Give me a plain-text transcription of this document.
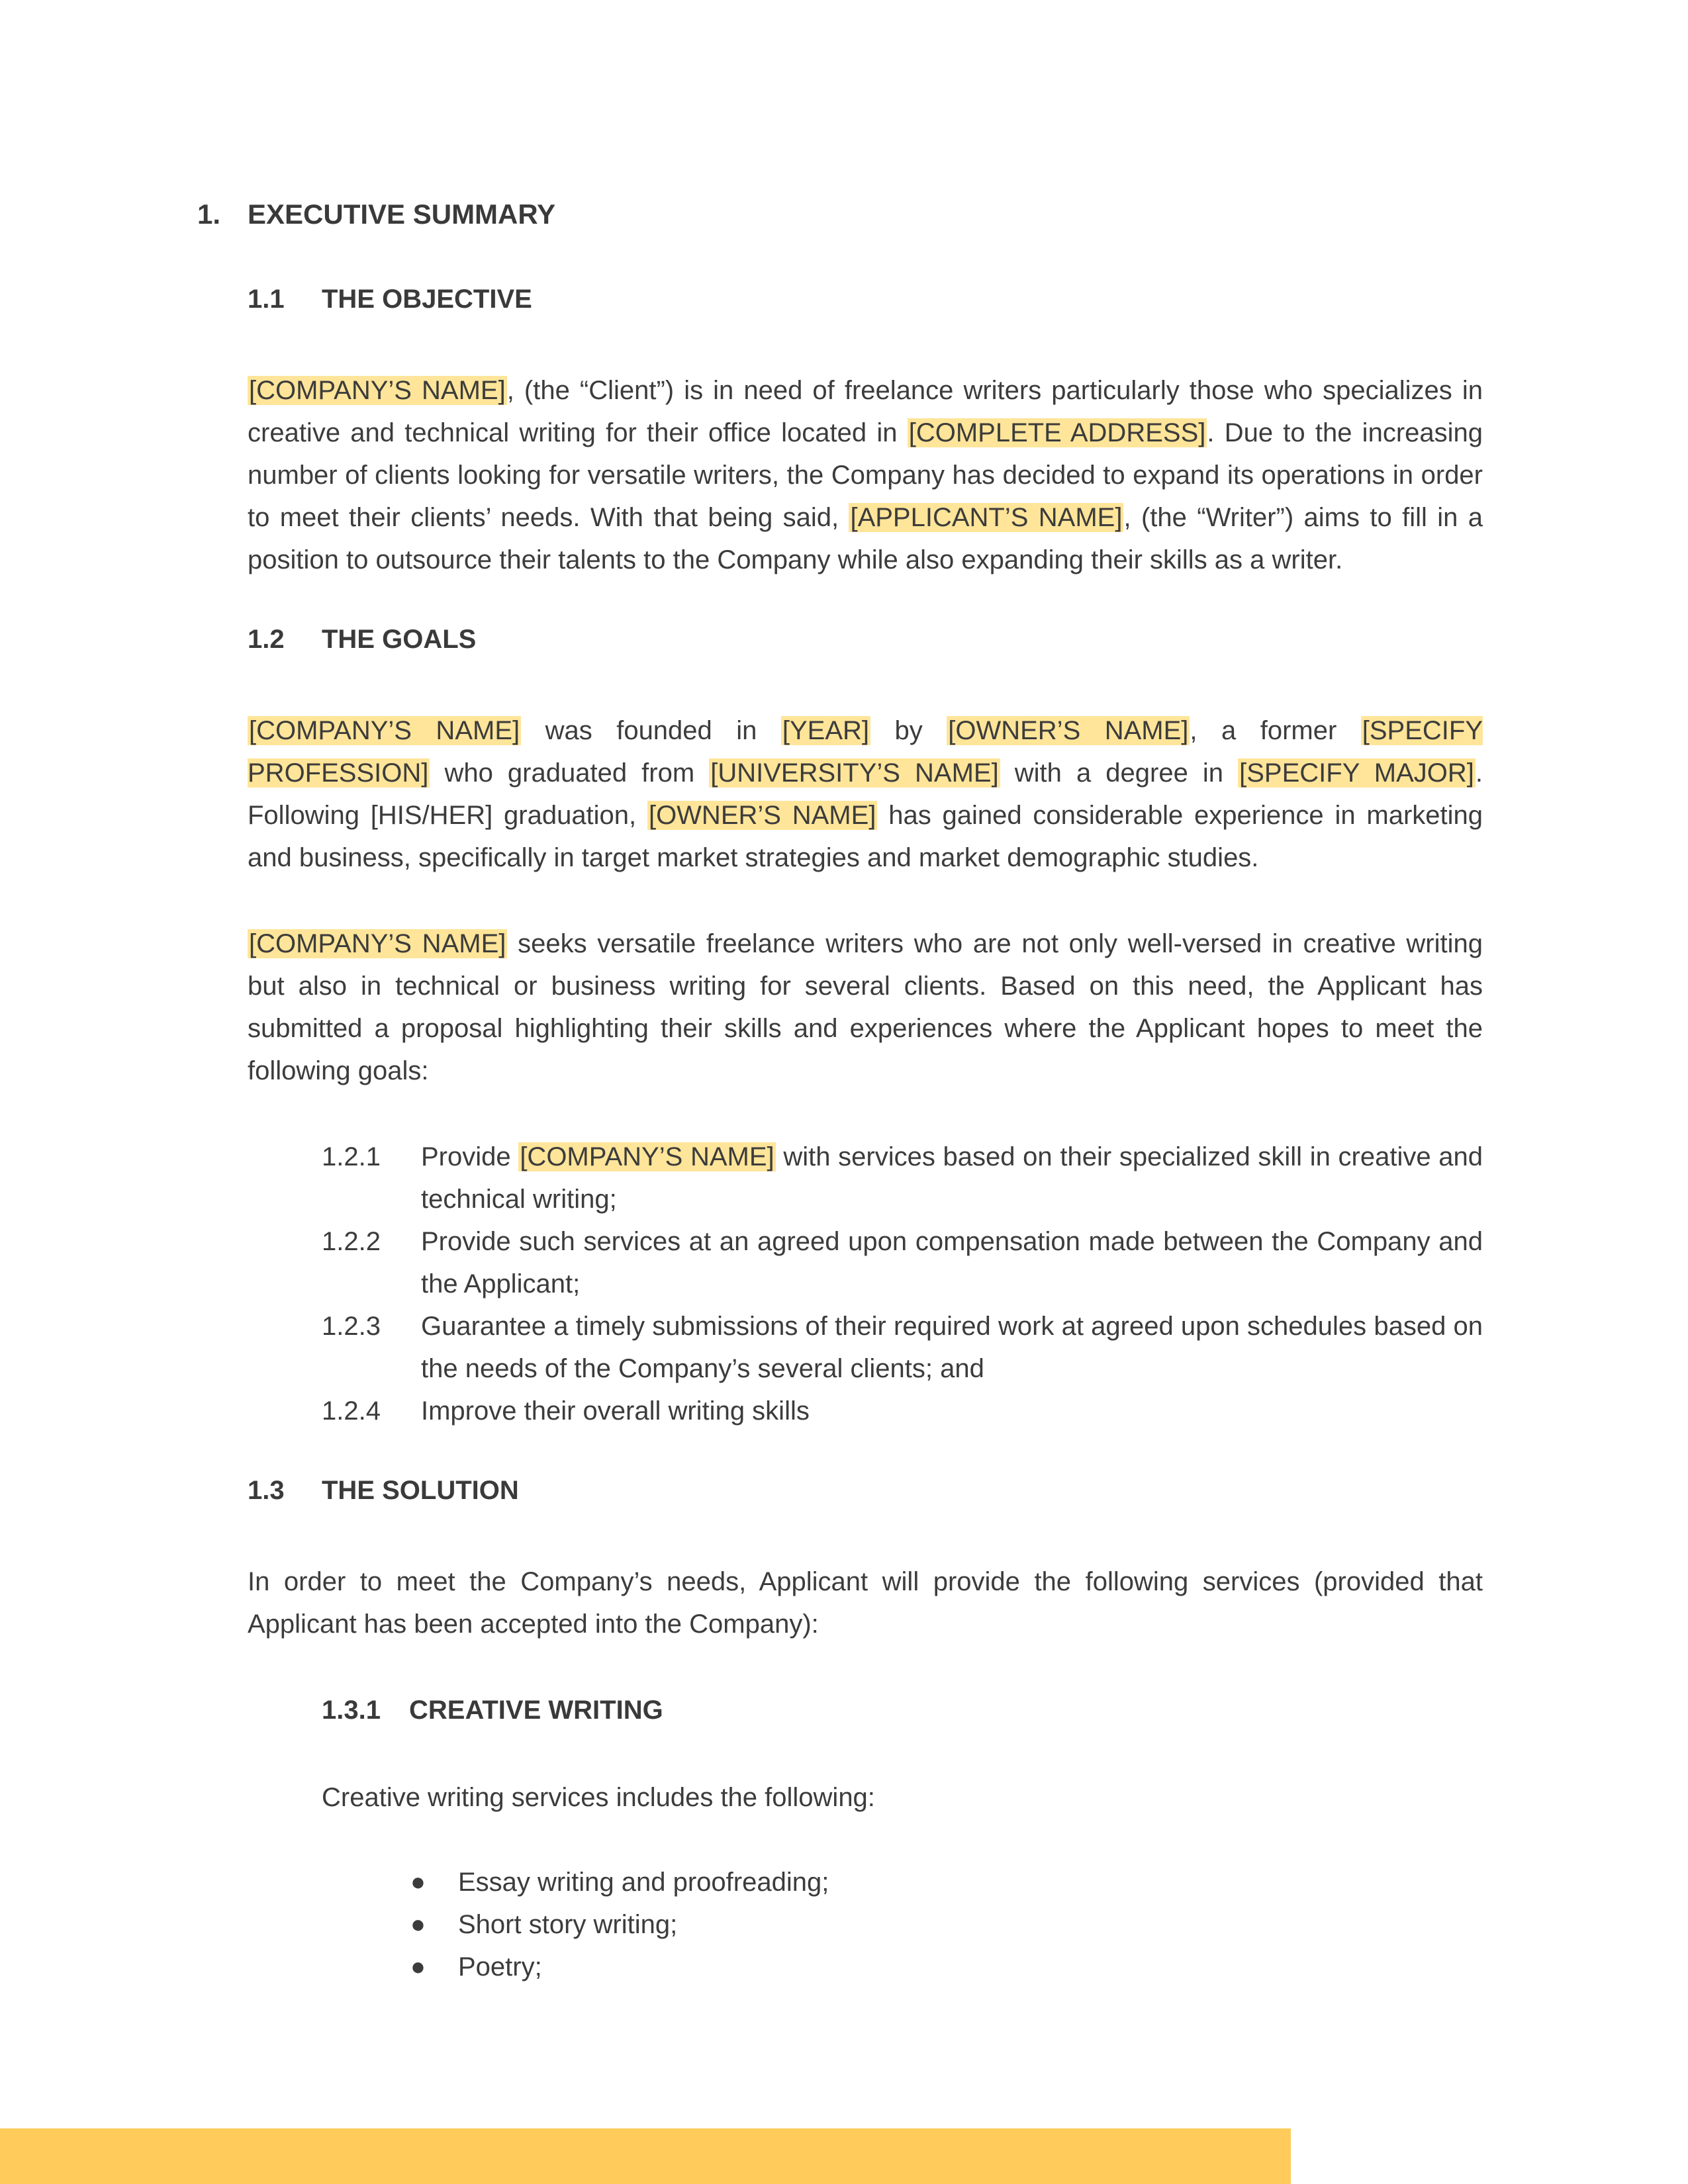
1. EXECUTIVE SUMMARY
1.1 THE OBJECTIVE

[COMPANY’S NAME], (the “Client”) is in need of freelance writers particularly those who specializes in creative and technical writing for their office located in [COMPLETE ADDRESS]. Due to the increasing number of clients looking for versatile writers, the Company has decided to expand its operations in order to meet their clients’ needs. With that being said, [APPLICANT’S NAME], (the “Writer”) aims to fill in a position to outsource their talents to the Company while also expanding their skills as a writer.

1.2 THE GOALS

[COMPANY’S NAME] was founded in [YEAR] by [OWNER’S NAME], a former [SPECIFY PROFESSION] who graduated from [UNIVERSITY’S NAME] with a degree in [SPECIFY MAJOR]. Following [HIS/HER] graduation, [OWNER’S NAME] has gained considerable experience in marketing and business, specifically in target market strategies and market demographic studies.

[COMPANY’S NAME] seeks versatile freelance writers who are not only well-versed in creative writing but also in technical or business writing for several clients. Based on this need, the Applicant has submitted a proposal highlighting their skills and experiences where the Applicant hopes to meet the following goals:

1.2.1	Provide [COMPANY’S NAME] with services based on their specialized skill in creative and technical writing;
1.2.2	Provide such services at an agreed upon compensation made between the Company and the Applicant;
1.2.3	Guarantee a timely submissions of their required work at agreed upon schedules based on the needs of the Company’s several clients; and
1.2.4	Improve their overall writing skills
1.3 THE SOLUTION

In order to meet the Company’s needs, Applicant will provide the following services (provided that Applicant has been accepted into the Company):

1.3.1 CREATIVE WRITING
Creative writing services includes the following:
● Essay writing and proofreading;
● Short story writing;
● Poetry;
